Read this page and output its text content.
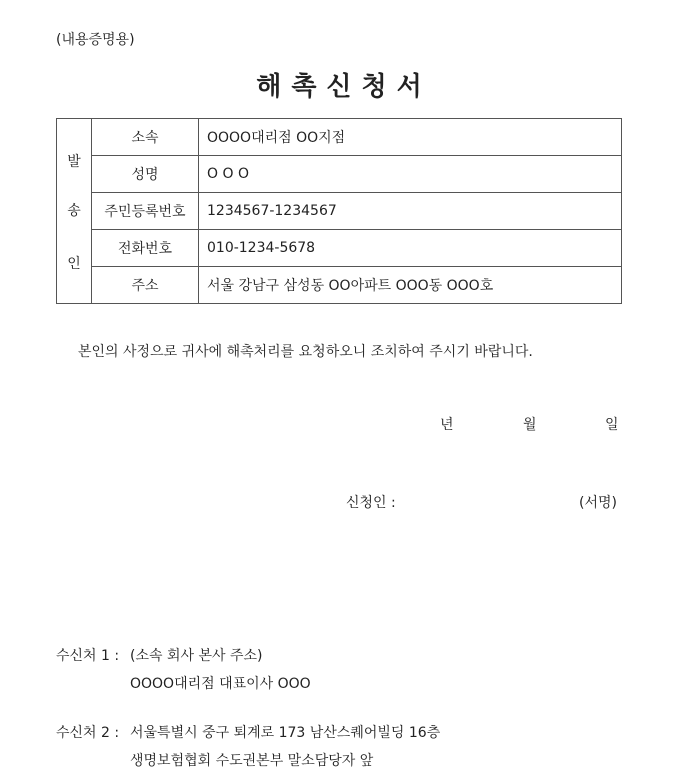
(내용증명용)
해촉신청서
발
송
인	소속	OOOO대리점 OO지점
	성명	O O O
	주민등록번호	1234567-1234567
	전화번호	010-1234-5678
	주소	서울 강남구 삼성동 OO아파트 OOO동 OOO호
본인의 사정으로 귀사에 해촉처리를 요청하오니 조치하여 주시기 바랍니다.
년	월	일
신청인 :	(서명)
수신처 1 : (소속 회사 본사 주소)
OOOO대리점 대표이사 OOO
수신처 2 : 서울특별시 중구 퇴계로 173 남산스퀘어빌딩 16층
생명보험협회 수도권본부 말소담당자 앞
